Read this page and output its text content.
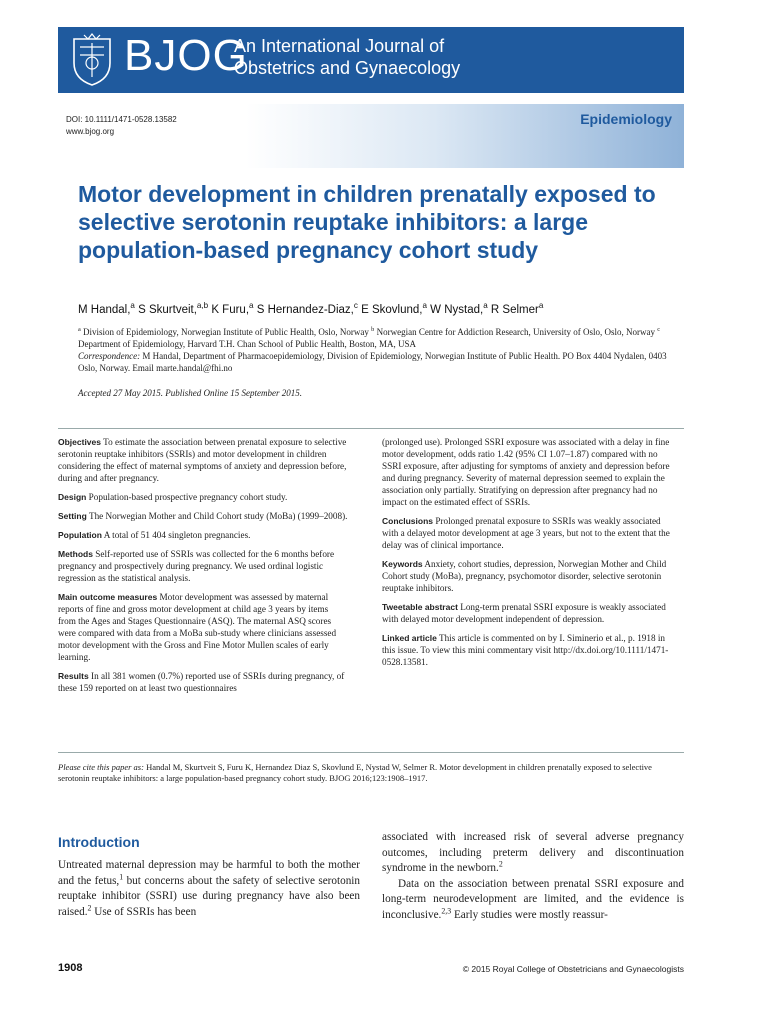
BJOG
An International Journal of
Obstetrics and Gynaecology
DOI: 10.1111/1471-0528.13582
www.bjog.org
Epidemiology
Motor development in children prenatally exposed to selective serotonin reuptake inhibitors: a large population-based pregnancy cohort study
M Handal,$^a$ S Skurtveit,$^{a,b}$ K Furu,$^a$ S Hernandez-Diaz,$^c$ E Skovlund,$^a$ W Nystad,$^a$ R Selmer$^a$
$^a$ Division of Epidemiology, Norwegian Institute of Public Health, Oslo, Norway $^b$ Norwegian Centre for Addiction Research, University of Oslo, Oslo, Norway $^c$ Department of Epidemiology, Harvard T.H. Chan School of Public Health, Boston, MA, USA
Correspondence: M Handal, Department of Pharmacoepidemiology, Division of Epidemiology, Norwegian Institute of Public Health. PO Box 4404 Nydalen, 0403 Oslo, Norway. Email marte.handal@fhi.no
Accepted 27 May 2015. Published Online 15 September 2015.

Objectives To estimate the association between prenatal exposure to selective serotonin reuptake inhibitors (SSRIs) and motor development in children considering the effect of maternal symptoms of anxiety and depression before, during and after pregnancy.

Design Population-based prospective pregnancy cohort study.

Setting The Norwegian Mother and Child Cohort study (MoBa) (1999–2008).

Population A total of 51 404 singleton pregnancies.

Methods Self-reported use of SSRIs was collected for the 6 months before pregnancy and prospectively during pregnancy. We used ordinal logistic regression as the statistical analysis.

Main outcome measures Motor development was assessed by maternal reports of fine and gross motor development at child age 3 years by items from the Ages and Stages Questionnaire (ASQ). The maternal ASQ scores were compared with data from a MoBa sub-study where clinicians assessed motor development with the Gross and Fine Motor Mullen scales of early learning.

Results In all 381 women (0.7%) reported use of SSRIs during pregnancy, of these 159 reported on at least two questionnaires

(prolonged use). Prolonged SSRI exposure was associated with a delay in fine motor development, odds ratio 1.42 (95% CI 1.07–1.87) compared with no SSRI exposure, after adjusting for symptoms of anxiety and depression before and during pregnancy. Severity of maternal depression seemed to explain the association only partially. Stratifying on depression after pregnancy had no impact on the estimated effect of SSRIs.

Conclusions Prolonged prenatal exposure to SSRIs was weakly associated with a delayed motor development at age 3 years, but not to the extent that the delay was of clinical importance.

Keywords Anxiety, cohort studies, depression, Norwegian Mother and Child Cohort study (MoBa), pregnancy, psychomotor disorder, selective serotonin reuptake inhibitors.

Tweetable abstract Long-term prenatal SSRI exposure is weakly associated with delayed motor development independent of depression.

Linked article This article is commented on by I. Siminerio et al., p. 1918 in this issue. To view this mini commentary visit http://dx.doi.org/10.1111/1471-0528.13581.

Please cite this paper as: Handal M, Skurtveit S, Furu K, Hernandez Diaz S, Skovlund E, Nystad W, Selmer R. Motor development in children prenatally exposed to selective serotonin reuptake inhibitors: a large population-based pregnancy cohort study. BJOG 2016;123:1908–1917.
Introduction

Untreated maternal depression may be harmful to both the mother and the fetus,$^1$ but concerns about the safety of selective serotonin reuptake inhibitor (SSRI) use during pregnancy have also been raised.$^2$ Use of SSRIs has been

associated with increased risk of several adverse pregnancy outcomes, including preterm delivery and discontinuation syndrome in the newborn.$^2$

Data on the association between prenatal SSRI exposure and long-term neurodevelopment are limited, and the evidence is inconclusive.$^{2,3}$ Early studies were mostly reassur-

1908	© 2015 Royal College of Obstetricians and Gynaecologists
